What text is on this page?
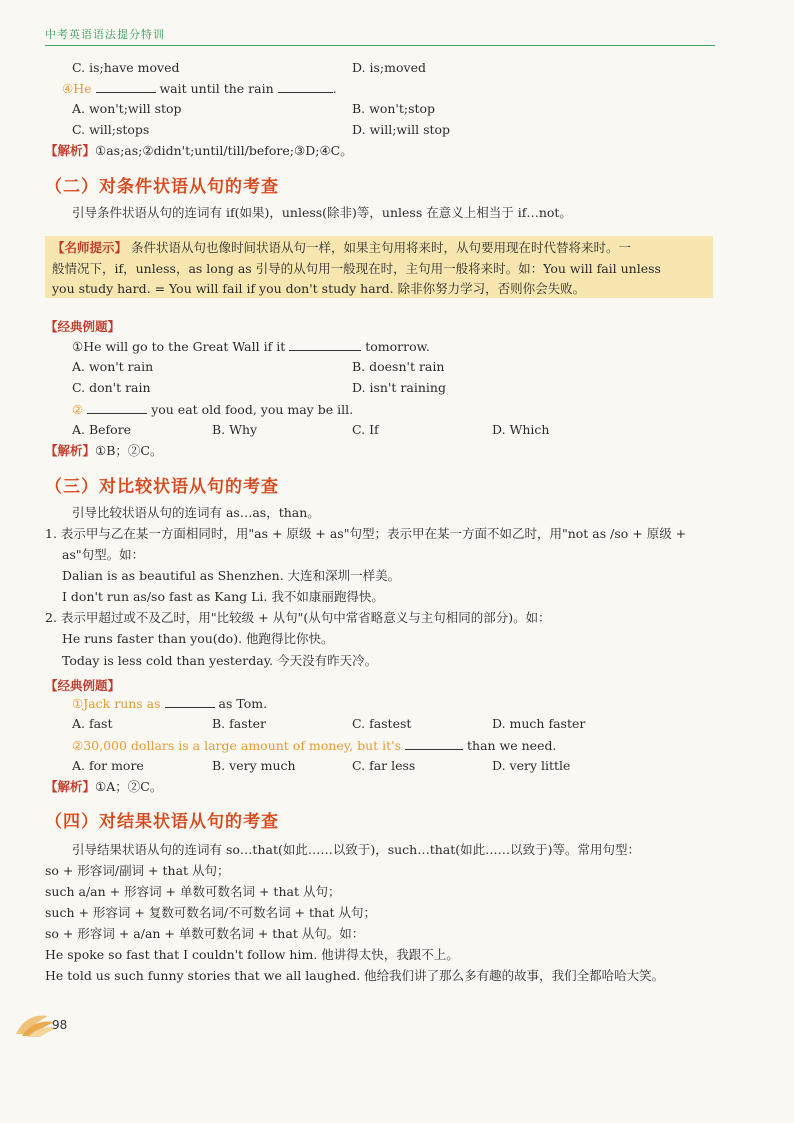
中考英语语法提分特训
C. is;have moved	D. is;moved
④He	wait until the rain	.
A. won't;will stop	B. won't;stop
C. will;stops	D. will;will stop
【解析】①as;as;②didn't;until/till/before;③D;④C。
（二）对条件状语从句的考查
引导条件状语从句的连词有 if(如果)，unless(除非)等，unless 在意义上相当于 if…not。
【名师提示】 条件状语从句也像时间状语从句一样，如果主句用将来时，从句要用现在时代替将来时。一
般情况下，if，unless，as long as 引导的从句用一般现在时，主句用一般将来时。如：You will fail unless
you study hard. = You will fail if you don't study hard. 除非你努力学习，否则你会失败。
【经典例题】
①He will go to the Great Wall if it	tomorrow.
A. won't rain	B. doesn't rain
C. don't rain	D. isn't raining
②	you eat old food, you may be ill.
A. Before	B. Why	C. If	D. Which
【解析】①B；②C。
（三）对比较状语从句的考查
引导比较状语从句的连词有 as…as，than。
1. 表示甲与乙在某一方面相同时，用"as + 原级 + as"句型；表示甲在某一方面不如乙时，用"not as /so + 原级 +
as"句型。如：
Dalian is as beautiful as Shenzhen. 大连和深圳一样美。
I don't run as/so fast as Kang Li. 我不如康丽跑得快。
2. 表示甲超过或不及乙时，用"比较级 + 从句"(从句中常省略意义与主句相同的部分)。如：
He runs faster than you(do). 他跑得比你快。
Today is less cold than yesterday. 今天没有昨天冷。
【经典例题】
①Jack runs as	as Tom.
A. fast	B. faster	C. fastest	D. much faster
②30,000 dollars is a large amount of money, but it's	than we need.
A. for more	B. very much	C. far less	D. very little
【解析】①A；②C。
（四）对结果状语从句的考查
引导结果状语从句的连词有 so…that(如此……以致于)，such…that(如此……以致于)等。常用句型：
so + 形容词/副词 + that 从句；
such a/an + 形容词 + 单数可数名词 + that 从句；
such + 形容词 + 复数可数名词/不可数名词 + that 从句；
so + 形容词 + a/an + 单数可数名词 + that 从句。如：
He spoke so fast that I couldn't follow him. 他讲得太快，我跟不上。
He told us such funny stories that we all laughed. 他给我们讲了那么多有趣的故事，我们全都哈哈大笑。
98
